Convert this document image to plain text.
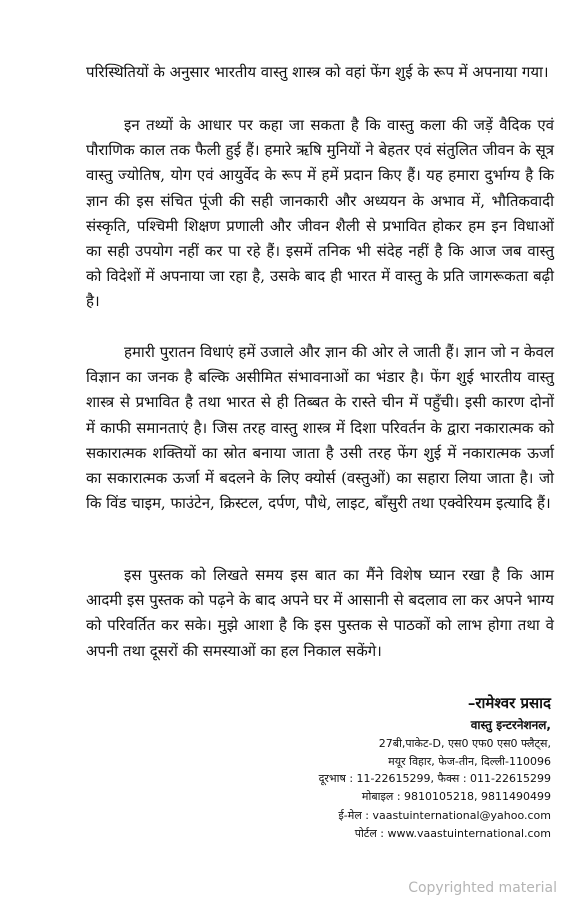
परिस्थितियों के अनुसार भारतीय वास्तु शास्त्र को वहां फेंग शुई के रूप में अपनाया गया।

इन तथ्यों के आधार पर कहा जा सकता है कि वास्तु कला की जड़ें वैदिक एवं पौराणिक काल तक फैली हुई हैं। हमारे ऋषि मुनियों ने बेहतर एवं संतुलित जीवन के सूत्र वास्तु ज्योतिष, योग एवं आयुर्वेद के रूप में हमें प्रदान किए हैं। यह हमारा दुर्भाग्य है कि ज्ञान की इस संचित पूंजी की सही जानकारी और अध्ययन के अभाव में, भौतिकवादी संस्कृति, पश्चिमी शिक्षण प्रणाली और जीवन शैली से प्रभावित होकर हम इन विधाओं का सही उपयोग नहीं कर पा रहे हैं। इसमें तनिक भी संदेह नहीं है कि आज जब वास्तु को विदेशों में अपनाया जा रहा है, उसके बाद ही भारत में वास्तु के प्रति जागरूकता बढ़ी है।

हमारी पुरातन विधाएं हमें उजाले और ज्ञान की ओर ले जाती हैं। ज्ञान जो न केवल विज्ञान का जनक है बल्कि असीमित संभावनाओं का भंडार है। फेंग शुई भारतीय वास्तु शास्त्र से प्रभावित है तथा भारत से ही तिब्बत के रास्ते चीन में पहुँची। इसी कारण दोनों में काफी समानताएं है। जिस तरह वास्तु शास्त्र में दिशा परिवर्तन के द्वारा नकारात्मक को सकारात्मक शक्तियों का स्रोत बनाया जाता है उसी तरह फेंग शुई में नकारात्मक ऊर्जा का सकारात्मक ऊर्जा में बदलने के लिए क्योर्स (वस्तुओं) का सहारा लिया जाता है। जो कि विंड चाइम, फाउंटेन, क्रिस्टल, दर्पण, पौधे, लाइट, बाँसुरी तथा एक्वेरियम इत्यादि हैं।

इस पुस्तक को लिखते समय इस बात का मैंने विशेष घ्यान रखा है कि आम आदमी इस पुस्तक को पढ़ने के बाद अपने घर में आसानी से बदलाव ला कर अपने भाग्य को परिवर्तित कर सके। मुझे आशा है कि इस पुस्तक से पाठकों को लाभ होगा तथा वे अपनी तथा दूसरों की समस्याओं का हल निकाल सकेंगे।

–रामेश्वर प्रसाद
वास्तु इन्टरनेशनल,
27बी,पाकेट-D, एस0 एफ0 एस0 फ्लैट्स,
मयूर विहार, फेज-तीन, दिल्ली-110096
दूरभाष : 11-22615299, फैक्स : 011-22615299
मोबाइल : 9810105218, 9811490499
ई-मेल : vaastuinternational@yahoo.com
पोर्टल : www.vaastuinternational.com
Copyrighted material
